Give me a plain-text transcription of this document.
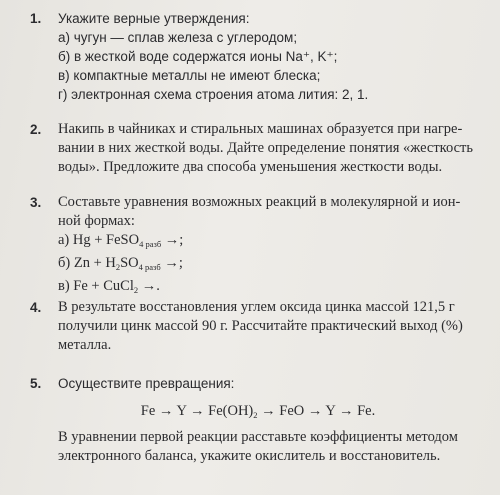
1. Укажите верные утверждения:
а) чугун — сплав железа с углеродом;
б) в жесткой воде содержатся ионы Na⁺, K⁺;
в) компактные металлы не имеют блеска;
г) электронная схема строения атома лития: 2, 1.
2. Накипь в чайниках и стиральных машинах образуется при нагре-
вании в них жесткой воды. Дайте определение понятия «жесткость
воды». Предложите два способа уменьшения жесткости воды.
3. Составьте уравнения возможных реакций в молекулярной и ион-
ной формах:
а) Hg + FeSO$_{4 разб}$ →;
б) $Zn + H_2SO_{4 разб}$ →;
в) Fe + CuCl$_2$ →.
4. В результате восстановления углем оксида цинка массой 121,5 г
получили цинк массой 90 г. Рассчитайте практический выход (%)
металла.
5. Осуществите превращения:
$Fe \to Y \to Fe(OH)_2$ → FeO → Y → Fe.
В уравнении первой реакции расставьте коэффициенты методом
электронного баланса, укажите окислитель и восстановитель.
